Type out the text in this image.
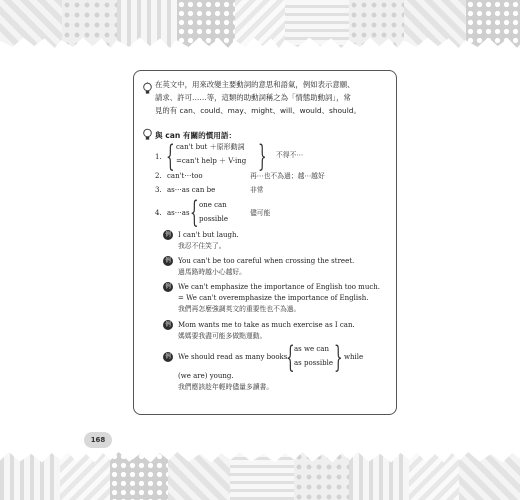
在英文中，用來改變主要動詞的意思和語氣，例如表示意願、
請求、許可……等，這類的助動詞稱之為「情態助動詞」，常
見的有 can、could、may、might、will、would、should。
與 can 有關的慣用語：
1. { can't but ＋原形動詞
=can't help ＋ V-ing } 不得不⋯
2. can't⋯too	再⋯也不為過；越⋯越好
3. as⋯as can be	非常
4. as⋯as { one can
possible
儘可能
例	I can't but laugh.
我忍不住笑了。
例	You can't be too careful when crossing the street.
過馬路時越小心越好。
例	We can't emphasize the importance of English too much.
= We can't overemphasize the importance of English.
我們再怎麼強調英文的重要性也不為過。
例	Mom wants me to take as much exercise as I can.
媽媽要我盡可能多做點運動。
例	We should read as many books
{ as we can
as possible } while
(we are) young.
我們應該趁年輕時儘量多讀書。
168
